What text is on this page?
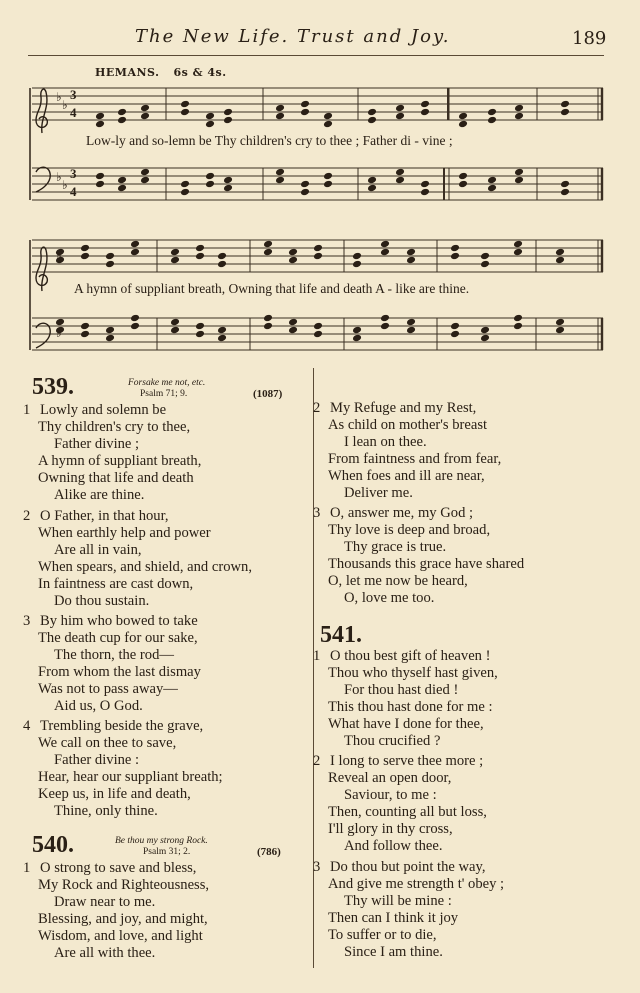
The New Life. Trust and Joy.	189
HEMANS. 6s & 4s.
3
4
3
4
♭
♭
♭
♭
♭
♭
Low-ly and so-lemn be Thy children's cry to thee ; Father di - vine ;
A hymn of suppliant breath, Owning that life and death A - like are thine.
539.	Forsake me not, etc.
Psalm 71; 9.	(1087)
1 Lowly and solemn be
Thy children's cry to thee,
Father divine ;
A hymn of suppliant breath,
Owning that life and death
Alike are thine.
2 O Father, in that hour,
When earthly help and power
Are all in vain,
When spears, and shield, and crown,
In faintness are cast down,
Do thou sustain.
3 By him who bowed to take
The death cup for our sake,
The thorn, the rod—
From whom the last dismay
Was not to pass away—
Aid us, O God.
4 Trembling beside the grave,
We call on thee to save,
Father divine :
Hear, hear our suppliant breath;
Keep us, in life and death,
Thine, only thine.
540.	Be thou my strong Rock.
Psalm 31; 2.	(786)
1 O strong to save and bless,
My Rock and Righteousness,
Draw near to me.
Blessing, and joy, and might,
Wisdom, and love, and light
Are all with thee.
2 My Refuge and my Rest,
As child on mother's breast
I lean on thee.
From faintness and from fear,
When foes and ill are near,
Deliver me.
3 O, answer me, my God ;
Thy love is deep and broad,
Thy grace is true.
Thousands this grace have shared
O, let me now be heard,
O, love me too.
541.
1 O thou best gift of heaven !
Thou who thyself hast given,
For thou hast died !
This thou hast done for me :
What have I done for thee,
Thou crucified ?
2 I long to serve thee more ;
Reveal an open door,
Saviour, to me :
Then, counting all but loss,
I'll glory in thy cross,
And follow thee.
3 Do thou but point the way,
And give me strength t' obey ;
Thy will be mine :
Then can I think it joy
To suffer or to die,
Since I am thine.
